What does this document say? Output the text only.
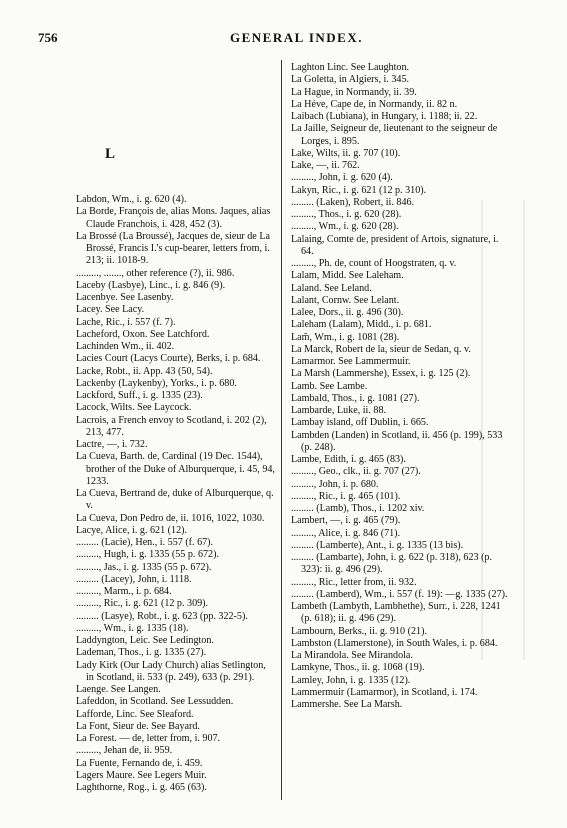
756	GENERAL INDEX.
L

Labdon, Wm., i. g. 620 (4).

La Borde, François de, alias Mons. Jaques, alias Claude Franchois, i. 428, 452 (3).

La Brossé (La Broussé), Jacques de, sieur de La Brossé, Francis I.'s cup-bearer, letters from, i. 213; ii. 1018-9.

........., ......., other reference (?), ii. 986.

Laceby (Lasbye), Linc., i. g. 846 (9).

Lacenbye. See Lasenby.

Lacey. See Lacy.

Lache, Ric., i. 557 (f. 7).

Lacheford, Oxon. See Latchford.

Lachinden Wm., ii. 402.

Lacies Court (Lacys Courte), Berks, i. p. 684.

Lacke, Robt., ii. App. 43 (50, 54).

Lackenby (Laykenby), Yorks., i. p. 680.

Lackford, Suff., i. g. 1335 (23).

Lacock, Wilts. See Laycock.

Lacrois, a French envoy to Scotland, i. 202 (2), 213, 477.

Lactre, —, i. 732.

La Cueva, Barth. de, Cardinal (19 Dec. 1544), brother of the Duke of Alburquerque, i. 45, 94, 1233.

La Cueva, Bertrand de, duke of Alburquerque, q. v.

La Cueva, Don Pedro de, ii. 1016, 1022, 1030.

Lacye, Alice, i. g. 621 (12).

......... (Lacie), Hen., i. 557 (f. 67).

........., Hugh, i. g. 1335 (55 p. 672).

........., Jas., i. g. 1335 (55 p. 672).

......... (Lacey), John, i. 1118.

........., Marm., i. p. 684.

........., Ric., i. g. 621 (12 p. 309).

......... (Lasye), Robt., i. g. 623 (pp. 322-5).

........., Wm., i. g. 1335 (18).

Laddyngton, Leic. See Ledington.

Lademan, Thos., i. g. 1335 (27).

Lady Kirk (Our Lady Church) alias Setlington, in Scotland, ii. 533 (p. 249), 633 (p. 291).

Laenge. See Langen.

Lafeddon, in Scotland. See Lessudden.

Lafforde, Linc. See Sleaford.

La Font, Sieur de. See Bayard.

La Forest. — de, letter from, i. 907.

........., Jehan de, ii. 959.

La Fuente, Fernando de, i. 459.

Lagers Maure. See Legers Muir.

Laghthorne, Rog., i. g. 465 (63).

Laghton Linc. See Laughton.

La Goletta, in Algiers, i. 345.

La Hague, in Normandy, ii. 39.

La Héve, Cape de, in Normandy, ii. 82 n.

Laibach (Lubiana), in Hungary, i. 1188; ii. 22.

La Jaille, Seigneur de, lieutenant to the seigneur de Lorges, i. 895.

Lake, Wilts, ii. g. 707 (10).

Lake, —, ii. 762.

........., John, i. g. 620 (4).

Lakyn, Ric., i. g. 621 (12 p. 310).

......... (Laken), Robert, ii. 846.

........., Thos., i. g. 620 (28).

........., Wm., i. g. 620 (28).

Lalaing, Comte de, president of Artois, signature, i. 64.

........., Ph. de, count of Hoogstraten, q. v.

Lalam, Midd. See Laleham.

Laland. See Leland.

Lalant, Cornw. See Lelant.

Lalee, Dors., ii. g. 496 (30).

Laleham (Lalam), Midd., i. p. 681.

Lam̃, Wm., i. g. 1081 (28).

La Marck, Robert de la, sieur de Sedan, q. v.

Lamarmor. See Lammermuir.

La Marsh (Lammershe), Essex, i. g. 125 (2).

Lamb. See Lambe.

Lambald, Thos., i. g. 1081 (27).

Lambarde, Luke, ii. 88.

Lambay island, off Dublin, i. 665.

Lambden (Landen) in Scotland, ii. 456 (p. 199), 533 (p. 248).

Lambe, Edith, i. g. 465 (83).

........., Geo., clk., ii. g. 707 (27).

........., John, i. p. 680.

........., Ric., i. g. 465 (101).

......... (Lamb), Thos., i. 1202 xiv.

Lambert, —, i. g. 465 (79).

........., Alice, i. g. 846 (71).

......... (Lamberte), Ant., i. g. 1335 (13 bis).

......... (Lambarte), John, i. g. 622 (p. 318), 623 (p. 323): ii. g. 496 (29).

........., Ric., letter from, ii. 932.

......... (Lamberd), Wm., i. 557 (f. 19): —g. 1335 (27).

Lambeth (Lambyth, Lambhethe), Surr., i. 228, 1241 (p. 618); ii. g. 496 (29).

Lambourn, Berks., ii. g. 910 (21).

Lambston (Llamerstone), in South Wales, i. p. 684.

La Mirandola. See Mirandola.

Lamkyne, Thos., ii. g. 1068 (19).

Lamley, John, i. g. 1335 (12).

Lammermuir (Lamarmor), in Scotland, i. 174.

Lammershe. See La Marsh.
